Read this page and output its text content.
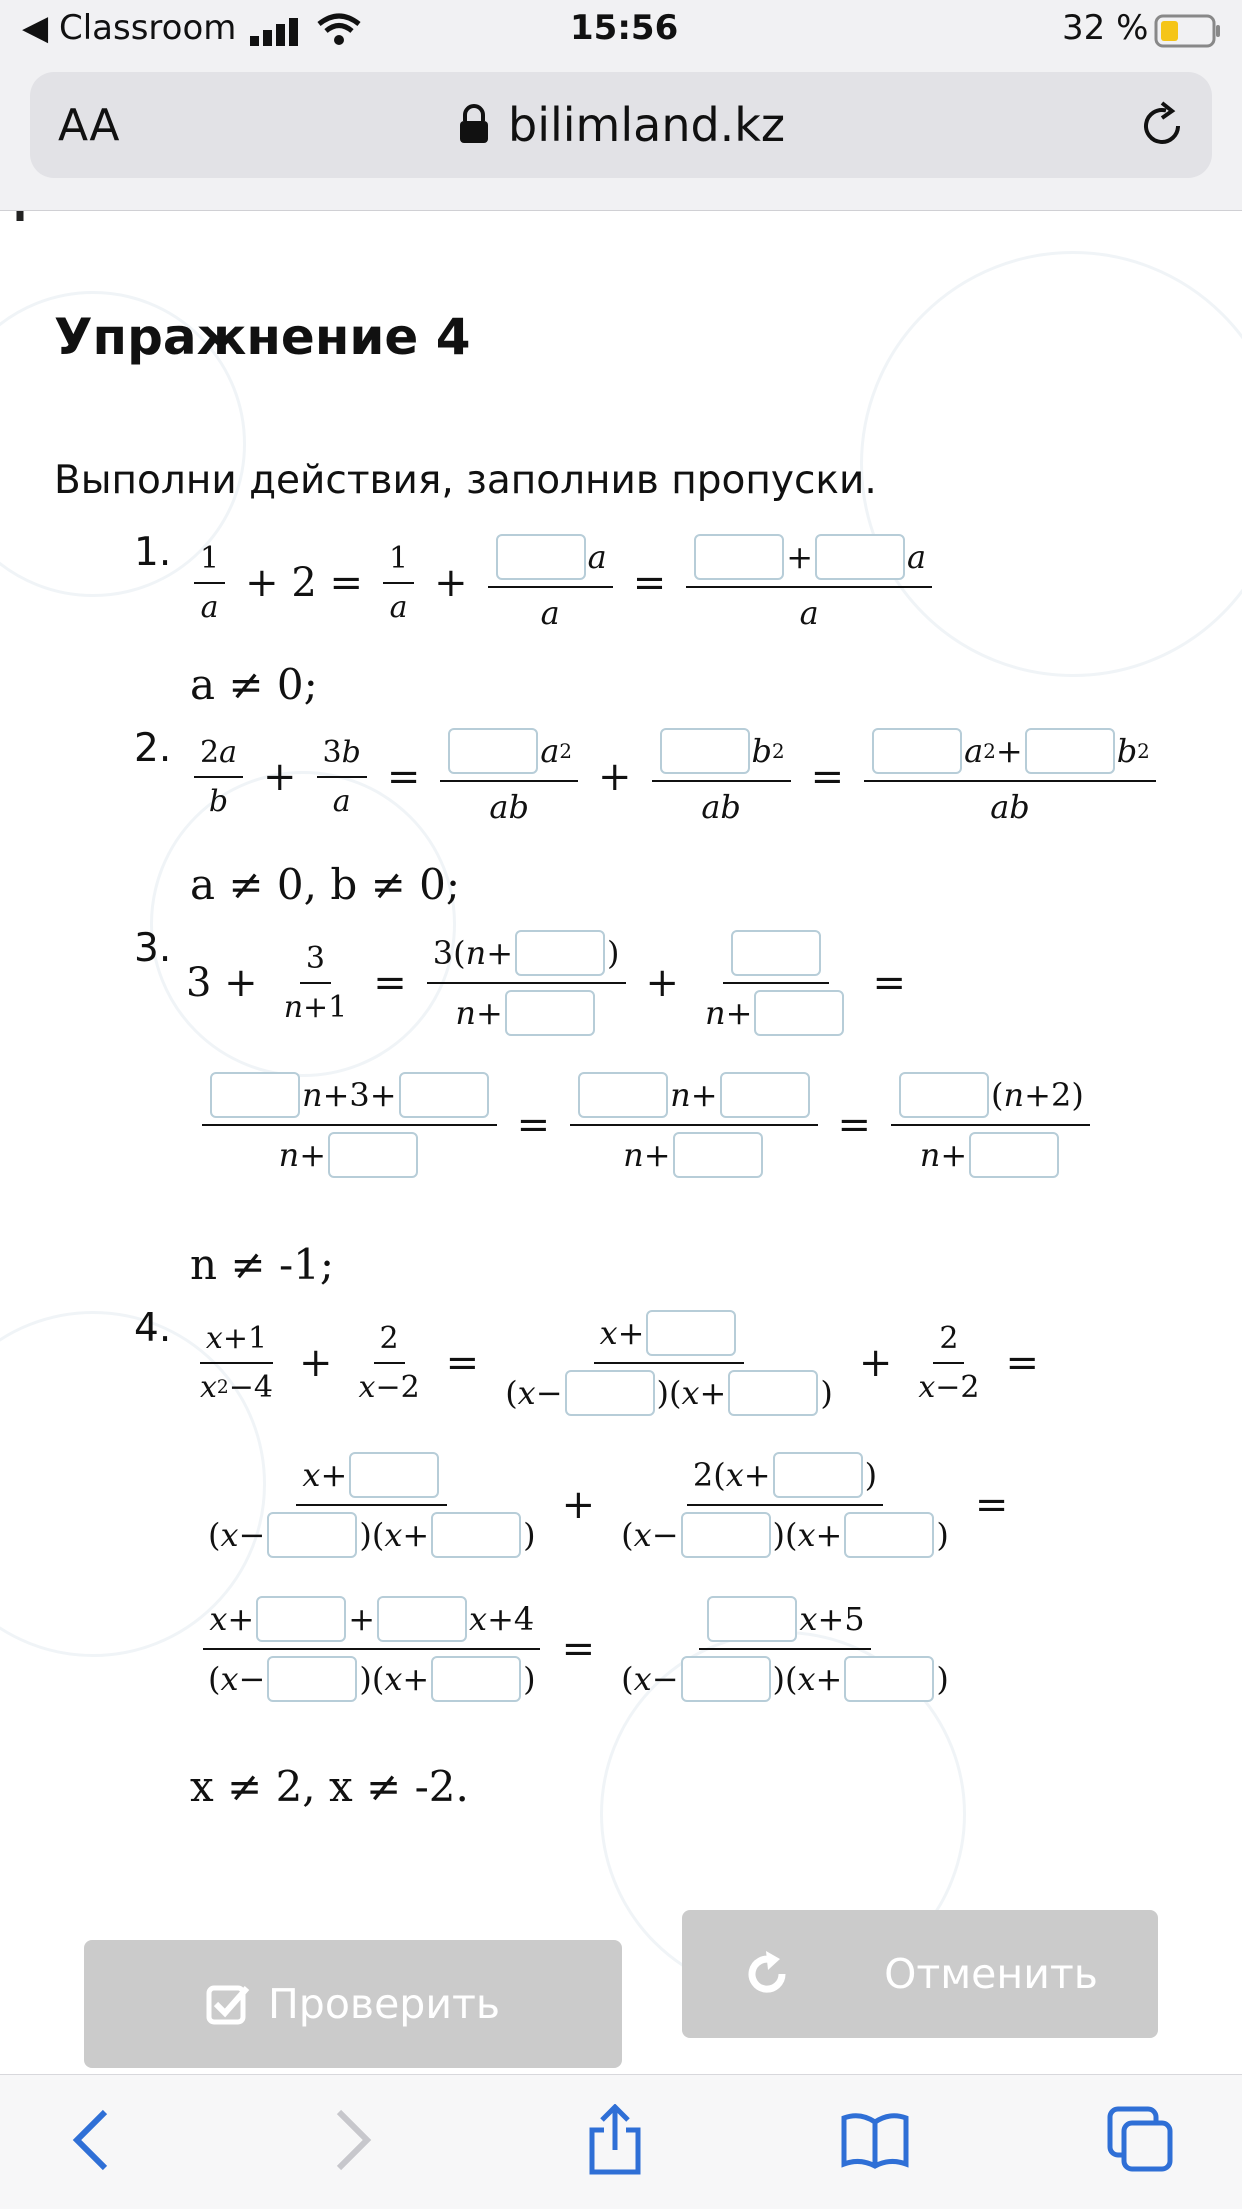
◀ Classroom	15:56	32 %
AA	bilimland.kz
Упражнение 4
Выполни действия, заполнив пропуски.
1. 1
a
+ $2 = \frac{1}{a} + \frac{a}{a}$ = +	a
a
a ≠ 0;
2. 2 a
b
+ $\frac{3 b}{a} = \frac{a 2}{ab} + \frac{b 2}{ab} = a$ 2 +	b 2
ab
a ≠ 0, b ≠ 0;
3.
$3 + \frac{3}{n +1} = 3$( n +	)
n + +
n +
=
$\frac{n +3+}{n +} = \frac{n +}{n +} = \frac{( n +2)}{n +}$
n ≠ -1;
4. x +1
x 2 −4
+ $\frac{2}{x -2} = x$ +
( x −	)( x +	) + $\frac{2}{x -2}$ =
x +
( x −	)( x +	)
+ 2( x +	)
( x −	)( x +	) =
x +	+	x +4
( x −	)( x +	) = x +5
( x −	)( x +	)
x ≠ 2, x ≠ -2.
Проверить
Отменить
